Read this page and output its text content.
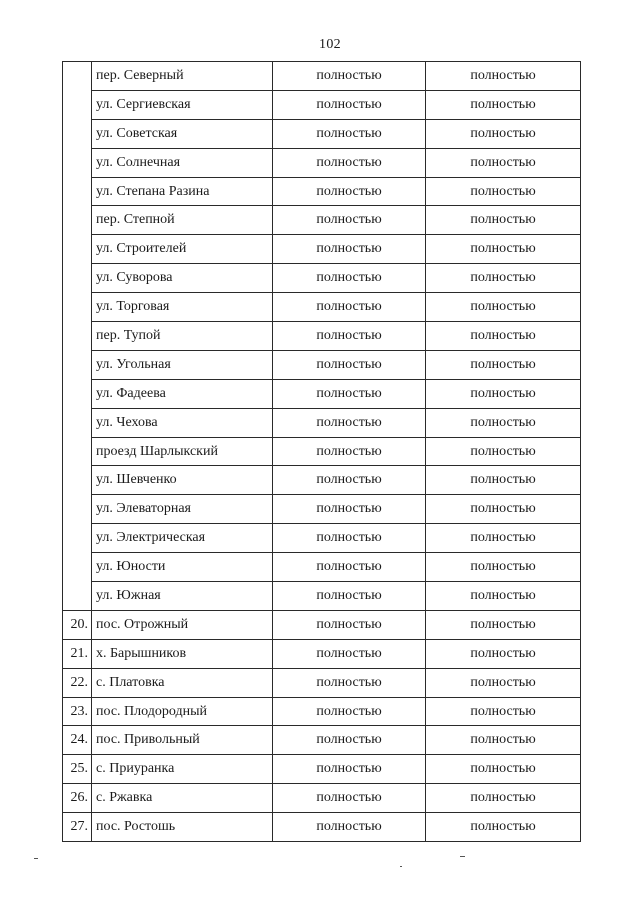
102
	пер. Северный	полностью	полностью
	ул. Сергиевская	полностью	полностью
	ул. Советская	полностью	полностью
	ул. Солнечная	полностью	полностью
	ул. Степана Разина	полностью	полностью
	пер. Степной	полностью	полностью
	ул. Строителей	полностью	полностью
	ул. Суворова	полностью	полностью
	ул. Торговая	полностью	полностью
	пер. Тупой	полностью	полностью
	ул. Угольная	полностью	полностью
	ул. Фадеева	полностью	полностью
	ул. Чехова	полностью	полностью
	проезд Шарлыкский	полностью	полностью
	ул. Шевченко	полностью	полностью
	ул. Элеваторная	полностью	полностью
	ул. Электрическая	полностью	полностью
	ул. Юности	полностью	полностью
	ул. Южная	полностью	полностью
20.	пос. Отрожный	полностью	полностью
21.	х. Барышников	полностью	полностью
22.	с. Платовка	полностью	полностью
23.	пос. Плодородный	полностью	полностью
24.	пос. Привольный	полностью	полностью
25.	с. Приуранка	полностью	полностью
26.	с. Ржавка	полностью	полностью
27.	пос. Ростошь	полностью	полностью
